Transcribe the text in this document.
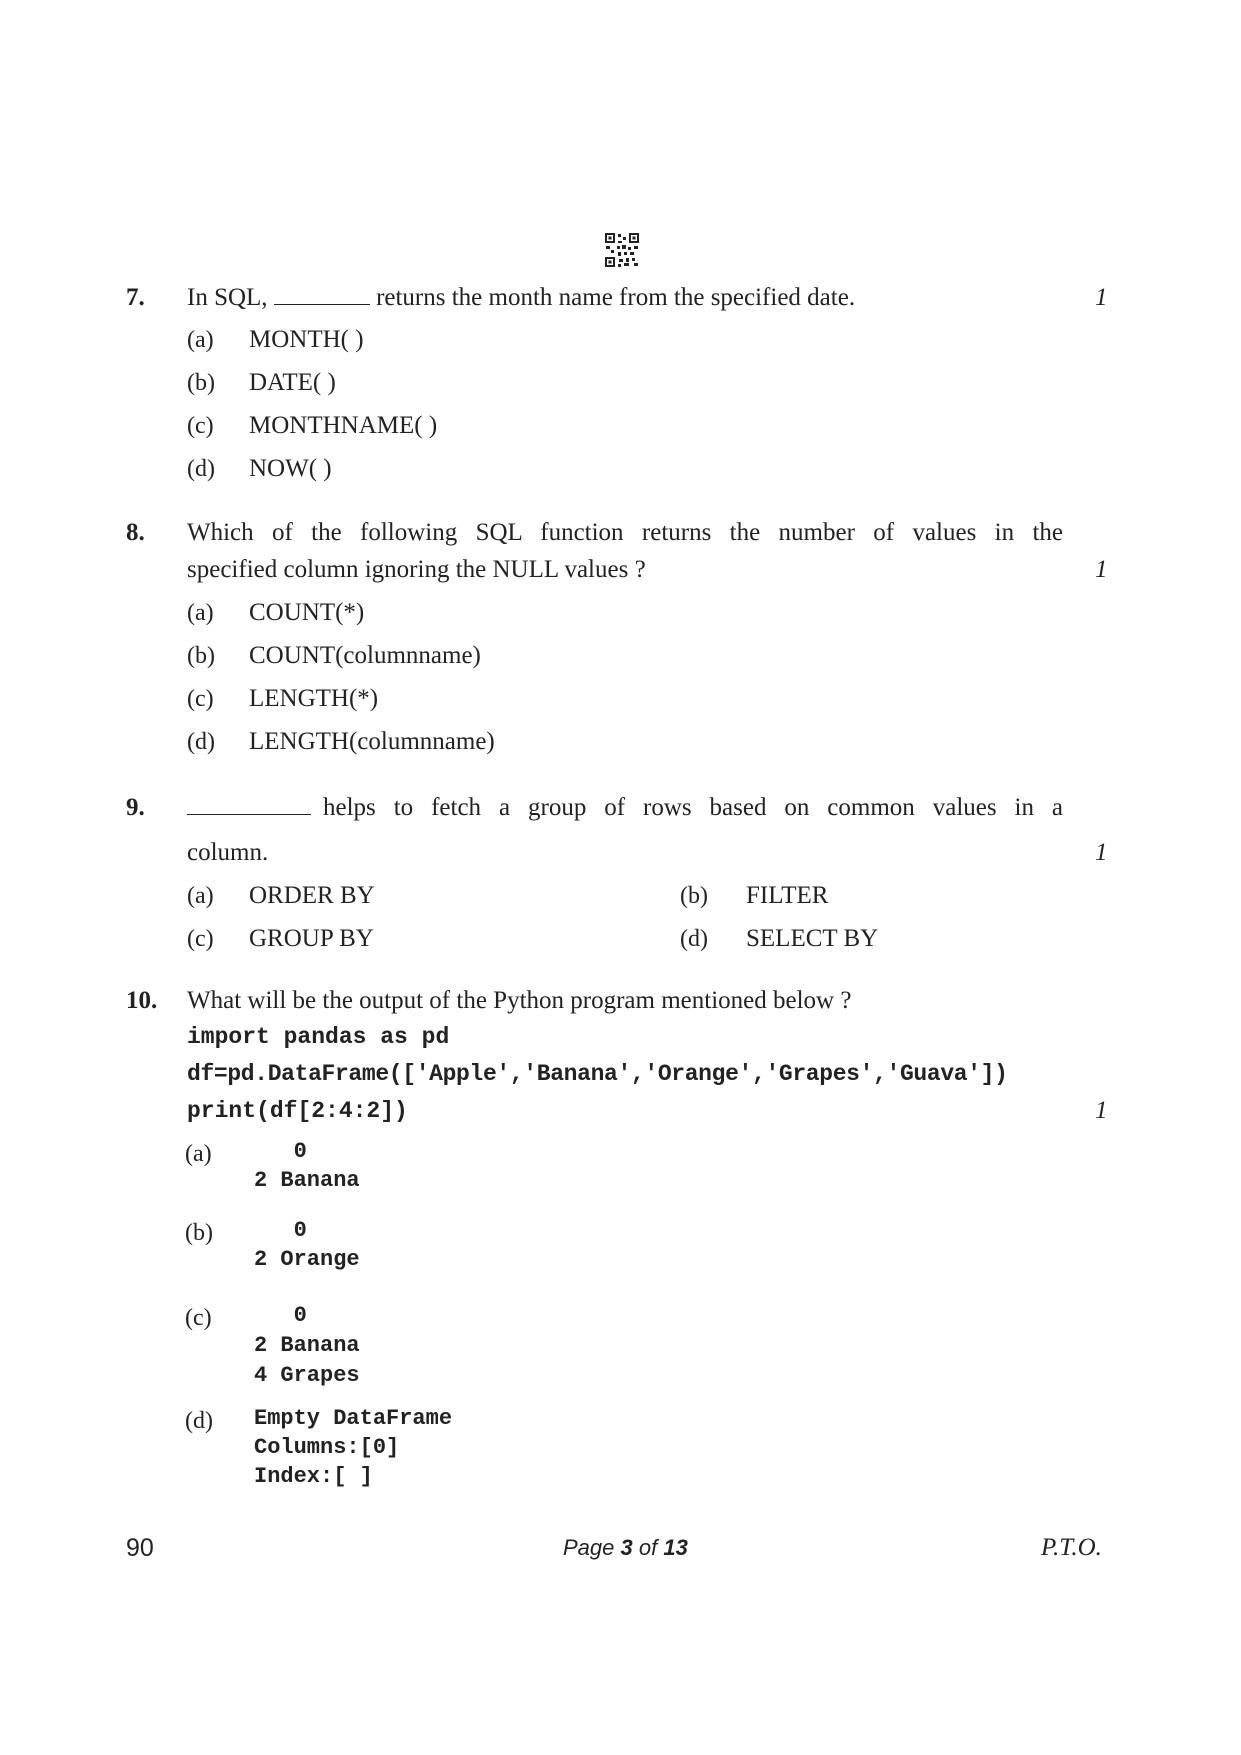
7. In SQL,	returns the month name from the specified date.	1
(a) MONTH( )
(b) DATE( )
(c) MONTHNAME( )
(d) NOW( )
8. Which of the following SQL function returns the number of values in the
specified column ignoring the NULL values ?	1
(a) COUNT(*)
(b) COUNT(columnname)
(c) LENGTH(*)
(d) LENGTH(columnname)
9.	helps to fetch a group of rows based on common values in a
column.	1
(a) ORDER BY	(b) FILTER
(c) GROUP BY	(d) SELECT BY
10. What will be the output of the Python program mentioned below ?
import pandas as pd
df=pd.DataFrame(['Apple','Banana','Orange','Grapes','Guava'])
print(df[2:4:2])	1
(a) 0
2 Banana
(b) 0
2 Orange
(c) 0
2 Banana
4 Grapes
(d) Empty DataFrame
Columns:[0]
Index:[ ]
90	Page 3 of 13	P.T.O.
